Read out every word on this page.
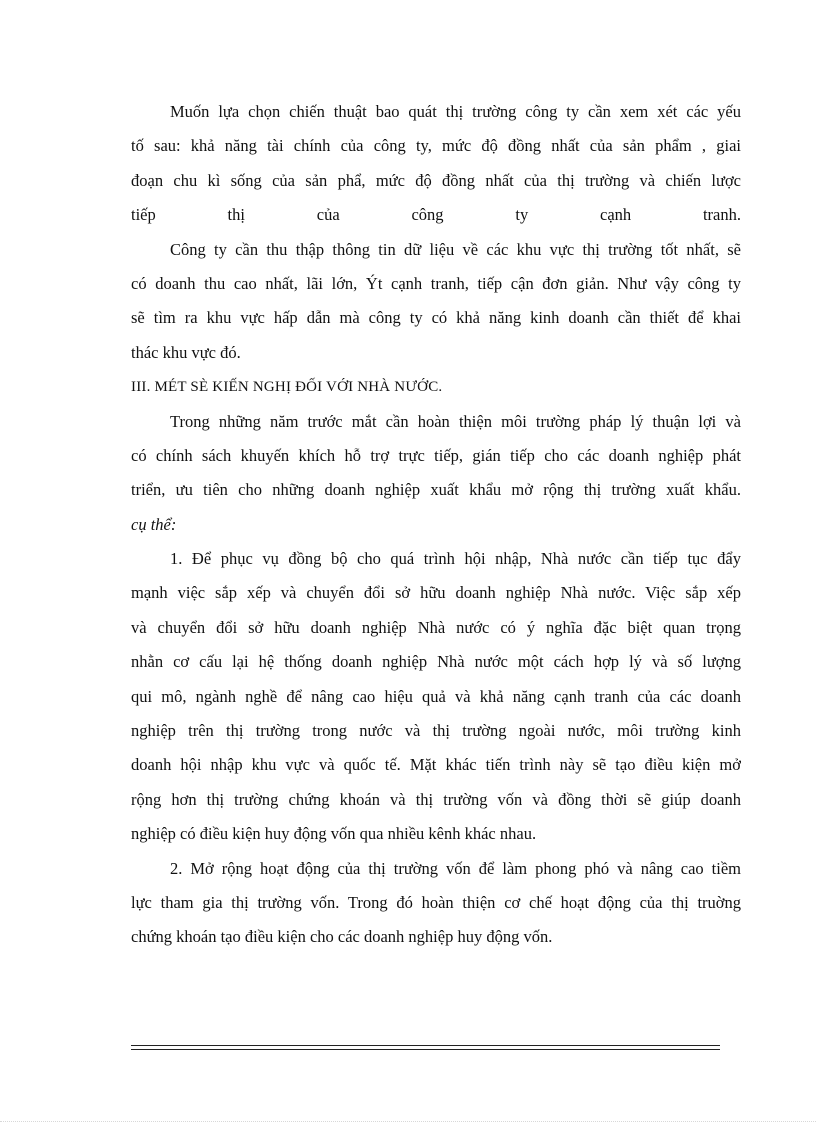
Muốn lựa chọn chiến thuật bao quát thị trường công ty cần xem xét các yếu
tố sau: khả năng tài chính của công ty, mức độ đồng nhất của sản phẩm , giai
đoạn chu kì sống của sản phẩ, mức độ đồng nhất của thị trường và chiến lược
tiếp thị của công ty cạnh tranh.
Công ty cần thu thập thông tin dữ liệu về các khu vực thị trường tốt nhất, sẽ
có doanh thu cao nhất, lãi lớn, Ýt cạnh tranh, tiếp cận đơn giản. Như vậy công ty
sẽ tìm ra khu vực hấp dẫn mà công ty có khả năng kinh doanh cần thiết để khai
thác khu vực đó.
III. MÉT SÈ KIẾN NGHỊ ĐỐI VỚI NHÀ NƯỚC.
Trong những năm trước mắt cần hoàn thiện môi trường pháp lý thuận lợi và
có chính sách khuyến khích hỗ trợ trực tiếp, gián tiếp cho các doanh nghiệp phát
triển, ưu tiên cho những doanh nghiệp xuất khẩu mở rộng thị trường xuất khẩu.
cụ thể:
1. Để phục vụ đồng bộ cho quá trình hội nhập, Nhà nước cần tiếp tục đẩy
mạnh việc sắp xếp và chuyển đổi sở hữu doanh nghiệp Nhà nước. Việc sắp xếp
và chuyển đổi sở hữu doanh nghiệp Nhà nước có ý nghĩa đặc biệt quan trọng
nhằn cơ cấu lại hệ thống doanh nghiệp Nhà nước một cách hợp lý và số lượng
qui mô, ngành nghề để nâng cao hiệu quả và khả năng cạnh tranh của các doanh
nghiệp trên thị trường trong nước và thị trường ngoài nước, môi trường kinh
doanh hội nhập khu vực và quốc tế. Mặt khác tiến trình này sẽ tạo điều kiện mở
rộng hơn thị trường chứng khoán và thị trường vốn và đồng thời sẽ giúp doanh
nghiệp có điều kiện huy động vốn qua nhiều kênh khác nhau.
2. Mở rộng hoạt động của thị trường vốn để làm phong phó và nâng cao tiềm
lực tham gia thị trường vốn. Trong đó hoàn thiện cơ chế hoạt động của thị truờng
chứng khoán tạo điều kiện cho các doanh nghiệp huy động vốn.
